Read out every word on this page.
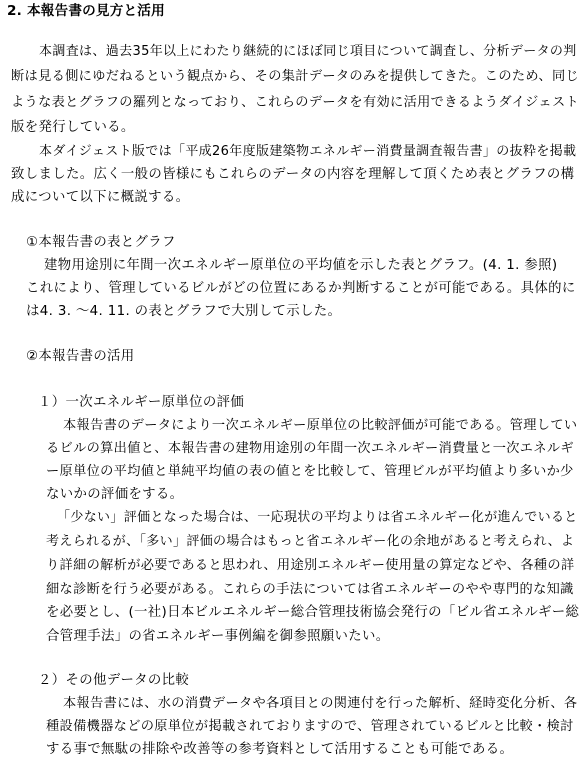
2. 本報告書の見方と活用
本調査は、過去35年以上にわたり継続的にほぼ同じ項目について調査し、分析データの判
断は見る側にゆだねるという観点から、その集計データのみを提供してきた。このため、同じ
ような表とグラフの羅列となっており、これらのデータを有効に活用できるようダイジェスト
版を発行している。
本ダイジェスト版では「平成26年度版建築物エネルギー消費量調査報告書」の抜粋を掲載
致しました。広く一般の皆様にもこれらのデータの内容を理解して頂くため表とグラフの構
成について以下に概説する。
①本報告書の表とグラフ
建物用途別に年間一次エネルギー原単位の平均値を示した表とグラフ。(4. 1. 参照)
これにより、管理しているビルがどの位置にあるか判断することが可能である。具体的に
は4. 3. ～4. 11. の表とグラフで大別して示した。
②本報告書の活用
１）一次エネルギー原単位の評価
本報告書のデータにより一次エネルギー原単位の比較評価が可能である。管理してい
るビルの算出値と、本報告書の建物用途別の年間一次エネルギー消費量と一次エネルギ
ー原単位の平均値と単純平均値の表の値とを比較して、管理ビルが平均値より多いか少
ないかの評価をする。
「少ない」評価となった場合は、一応現状の平均よりは省エネルギー化が進んでいると
考えられるが、「多い」評価の場合はもっと省エネルギー化の余地があると考えられ、よ
り詳細の解析が必要であると思われ、用途別エネルギー使用量の算定などや、各種の詳
細な診断を行う必要がある。これらの手法については省エネルギーのやや専門的な知識
を必要とし、(一社)日本ビルエネルギー総合管理技術協会発行の「ビル省エネルギー総
合管理手法」の省エネルギー事例編を御参照願いたい。
２）その他データの比較
本報告書には、水の消費データや各項目との関連付を行った解析、経時変化分析、各
種設備機器などの原単位が掲載されておりますので、管理されているビルと比較・検討
する事で無駄の排除や改善等の参考資料として活用することも可能である。
